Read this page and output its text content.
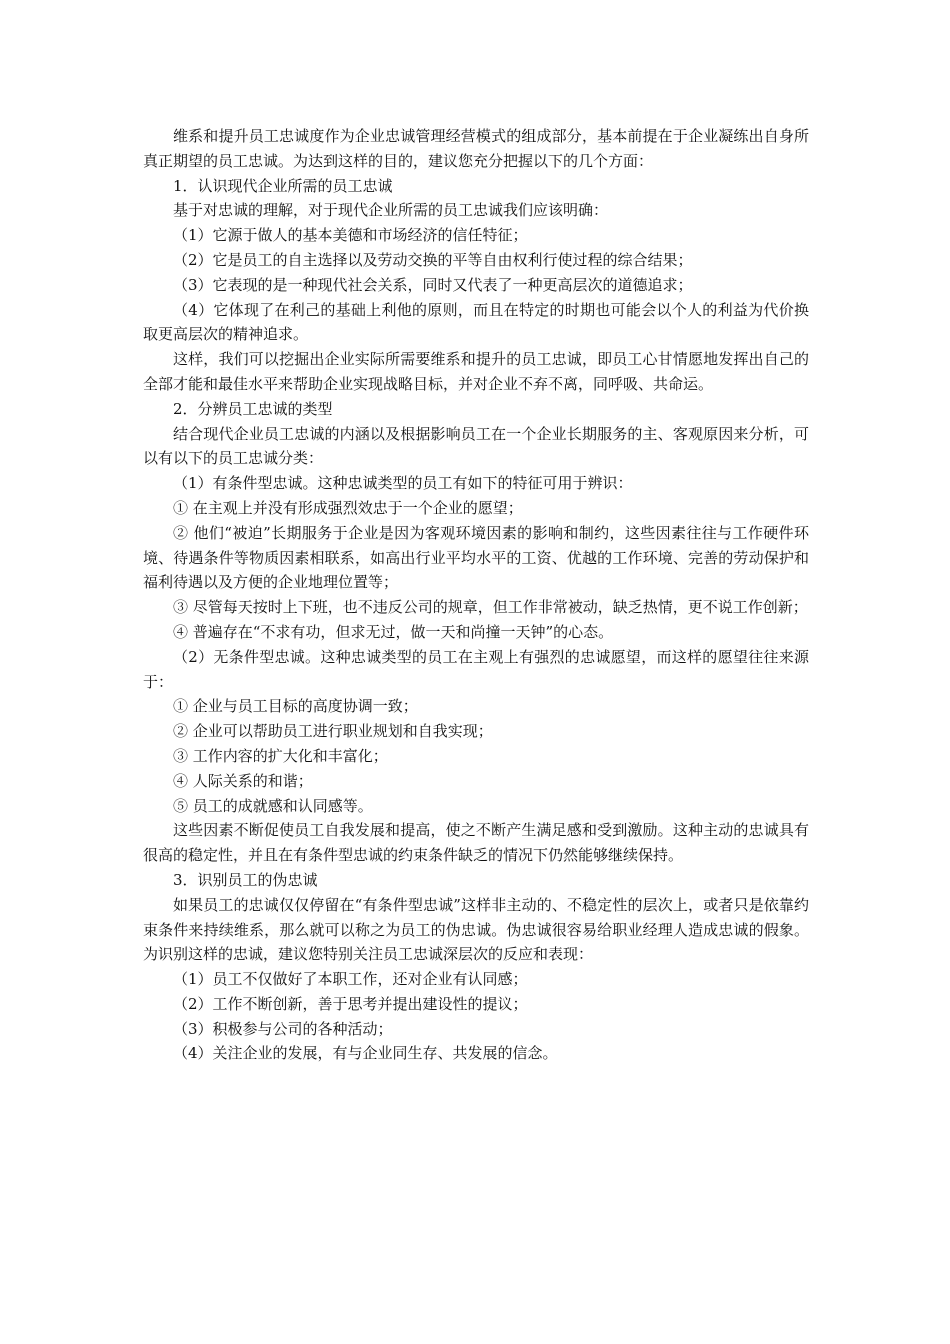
维系和提升员工忠诚度作为企业忠诚管理经营模式的组成部分，基本前提在于企业凝练出自身所真正期望的员工忠诚。为达到这样的目的，建议您充分把握以下的几个方面：

1．认识现代企业所需的员工忠诚

基于对忠诚的理解，对于现代企业所需的员工忠诚我们应该明确：

（1）它源于做人的基本美德和市场经济的信任特征；

（2）它是员工的自主选择以及劳动交换的平等自由权利行使过程的综合结果；

（3）它表现的是一种现代社会关系，同时又代表了一种更高层次的道德追求；

（4）它体现了在利己的基础上利他的原则，而且在特定的时期也可能会以个人的利益为代价换取更高层次的精神追求。

这样，我们可以挖掘出企业实际所需要维系和提升的员工忠诚，即员工心甘情愿地发挥出自己的全部才能和最佳水平来帮助企业实现战略目标，并对企业不弃不离，同呼吸、共命运。

2．分辨员工忠诚的类型

结合现代企业员工忠诚的内涵以及根据影响员工在一个企业长期服务的主、客观原因来分析，可以有以下的员工忠诚分类：

（1）有条件型忠诚。这种忠诚类型的员工有如下的特征可用于辨识：

① 在主观上并没有形成强烈效忠于一个企业的愿望；

② 他们“被迫”长期服务于企业是因为客观环境因素的影响和制约，这些因素往往与工作硬件环境、待遇条件等物质因素相联系，如高出行业平均水平的工资、优越的工作环境、完善的劳动保护和福利待遇以及方便的企业地理位置等；

③ 尽管每天按时上下班，也不违反公司的规章，但工作非常被动，缺乏热情，更不说工作创新；

④ 普遍存在“不求有功，但求无过，做一天和尚撞一天钟”的心态。

（2）无条件型忠诚。这种忠诚类型的员工在主观上有强烈的忠诚愿望，而这样的愿望往往来源于：

① 企业与员工目标的高度协调一致；

② 企业可以帮助员工进行职业规划和自我实现；

③ 工作内容的扩大化和丰富化；

④ 人际关系的和谐；

⑤ 员工的成就感和认同感等。

这些因素不断促使员工自我发展和提高，使之不断产生满足感和受到激励。这种主动的忠诚具有很高的稳定性，并且在有条件型忠诚的约束条件缺乏的情况下仍然能够继续保持。

3．识别员工的伪忠诚

如果员工的忠诚仅仅停留在“有条件型忠诚”这样非主动的、不稳定性的层次上，或者只是依靠约束条件来持续维系，那么就可以称之为员工的伪忠诚。伪忠诚很容易给职业经理人造成忠诚的假象。为识别这样的忠诚，建议您特别关注员工忠诚深层次的反应和表现：

（1）员工不仅做好了本职工作，还对企业有认同感；

（2）工作不断创新，善于思考并提出建设性的提议；

（3）积极参与公司的各种活动；

（4）关注企业的发展，有与企业同生存、共发展的信念。
